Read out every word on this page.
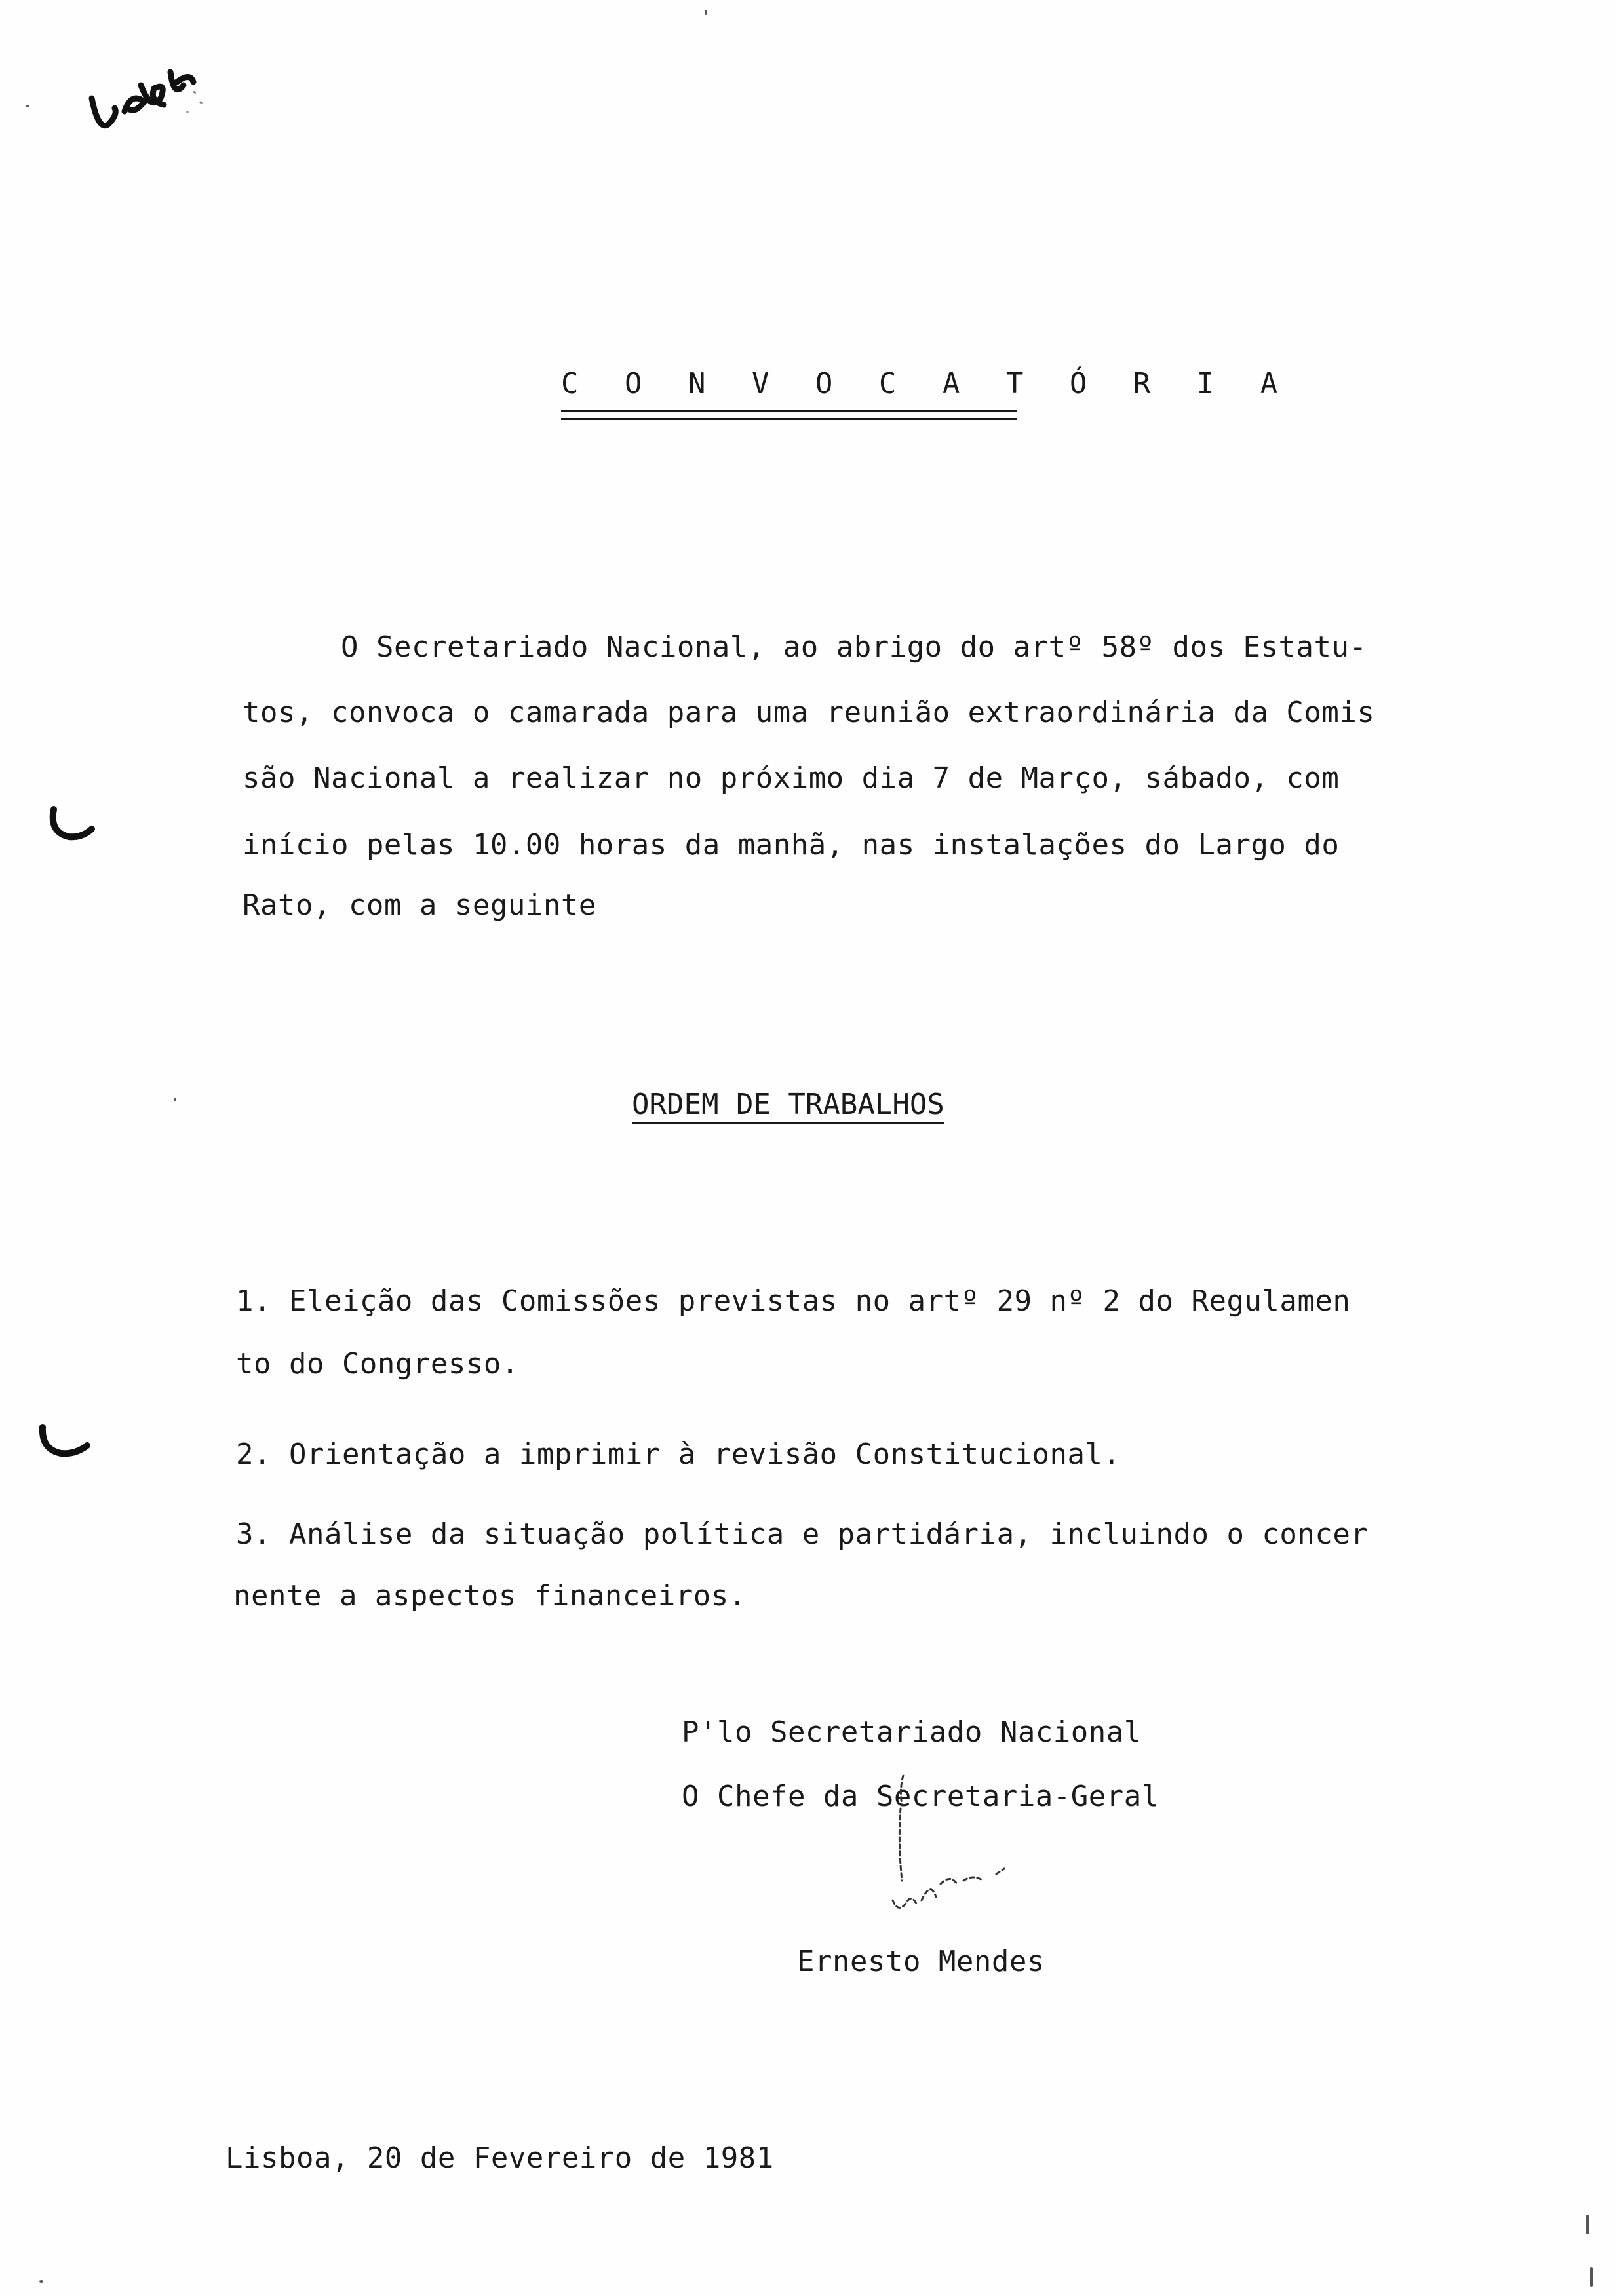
C O N V O C A T Ó R I A
O Secretariado Nacional, ao abrigo do artº 58º dos Estatu-
tos, convoca o camarada para uma reunião extraordinária da Comis
são Nacional a realizar no próximo dia 7 de Março, sábado, com
início pelas 10.00 horas da manhã, nas instalações do Largo do
Rato, com a seguinte
ORDEM DE TRABALHOS
1. Eleição das Comissões previstas no artº 29 nº 2 do Regulamen
to do Congresso.
2. Orientação a imprimir à revisão Constitucional.
3. Análise da situação política e partidária, incluindo o concer
nente a aspectos financeiros.
P'lo Secretariado Nacional
O Chefe da Secretaria-Geral
Ernesto Mendes
Lisboa, 20 de Fevereiro de 1981
